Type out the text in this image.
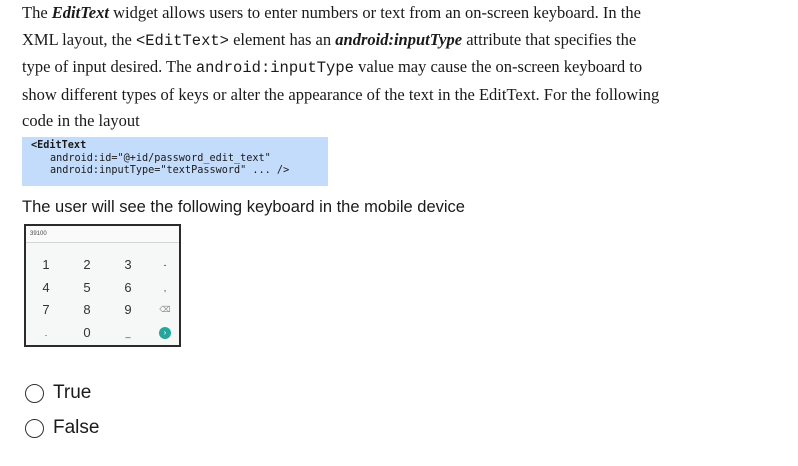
The EditText widget allows users to enter numbers or text from an on-screen keyboard. In the
XML layout, the <EditText> element has an android:inputType attribute that specifies the
type of input desired. The android:inputType value may cause the on-screen keyboard to
show different types of keys or alter the appearance of the text in the EditText. For the following
code in the layout
<EditText
android:id="@+id/password_edit_text"
android:inputType="textPassword" ... />
The user will see the following keyboard in the mobile device
39100
1	2	3	-
4	5	6	,
7	8	9	⌫
.	0	_	›
True
False
